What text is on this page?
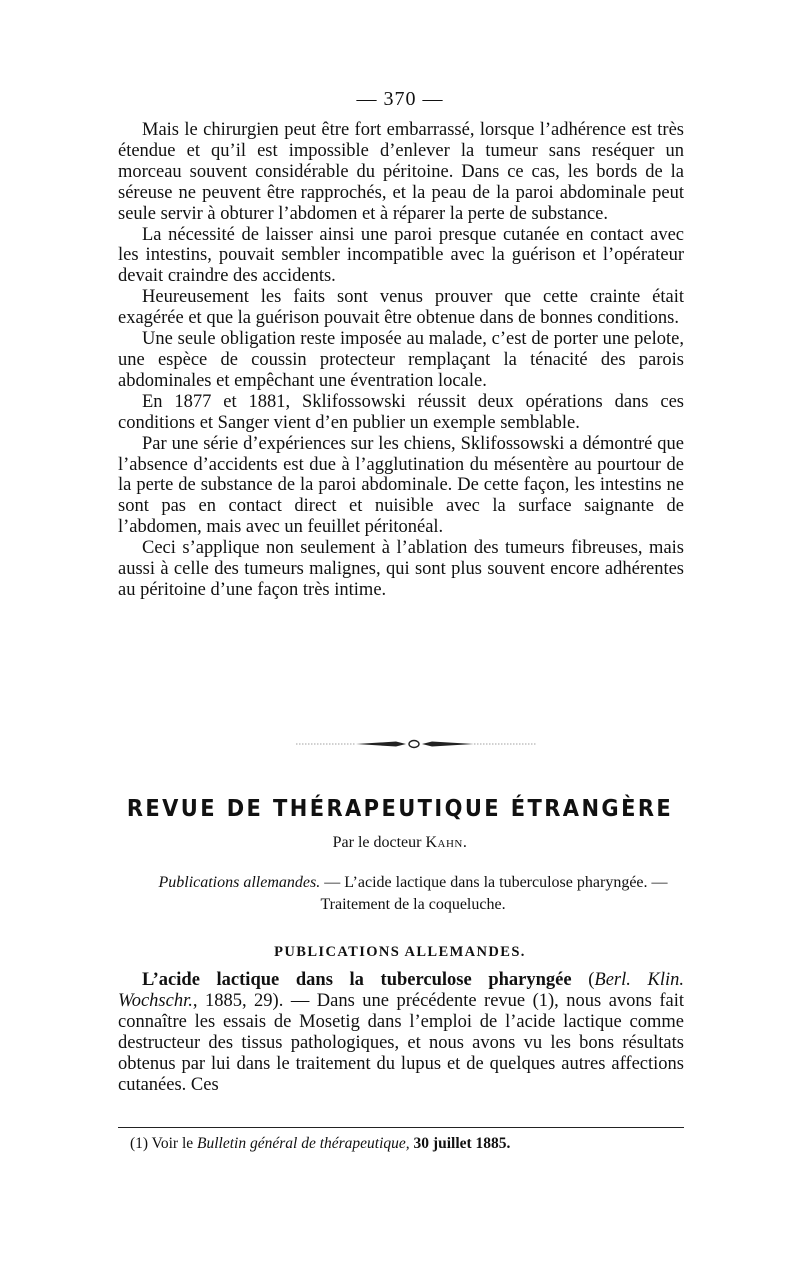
— 370 —

Mais le chirurgien peut être fort embarrassé, lorsque l’adhérence est très étendue et qu’il est impossible d’enlever la tumeur sans reséquer un morceau souvent considérable du péritoine. Dans ce cas, les bords de la séreuse ne peuvent être rapprochés, et la peau de la paroi abdominale peut seule servir à obturer l’abdomen et à réparer la perte de substance.

La nécessité de laisser ainsi une paroi presque cutanée en contact avec les intestins, pouvait sembler incompatible avec la guérison et l’opérateur devait craindre des accidents.

Heureusement les faits sont venus prouver que cette crainte était exagérée et que la guérison pouvait être obtenue dans de bonnes conditions.

Une seule obligation reste imposée au malade, c’est de porter une pelote, une espèce de coussin protecteur remplaçant la ténacité des parois abdominales et empêchant une éventration locale.

En 1877 et 1881, Sklifossowski réussit deux opérations dans ces conditions et Sanger vient d’en publier un exemple semblable.

Par une série d’expériences sur les chiens, Sklifossowski a démontré que l’absence d’accidents est due à l’agglutination du mésentère au pourtour de la perte de substance de la paroi abdominale. De cette façon, les intestins ne sont pas en contact direct et nuisible avec la surface saignante de l’abdomen, mais avec un feuillet péritonéal.

Ceci s’applique non seulement à l’ablation des tumeurs fibreuses, mais aussi à celle des tumeurs malignes, qui sont plus souvent encore adhérentes au péritoine d’une façon très intime.

REVUE DE THÉRAPEUTIQUE ÉTRANGÈRE
Par le docteur Kahn.
Publications allemandes. — L’acide lactique dans la tuberculose pharyngée. — Traitement de la coqueluche.
PUBLICATIONS ALLEMANDES.

L’acide lactique dans la tuberculose pharyngée (Berl. Klin. Wochschr., 1885, 29). — Dans une précédente revue (1), nous avons fait connaître les essais de Mosetig dans l’emploi de l’acide lactique comme destructeur des tissus pathologiques, et nous avons vu les bons résultats obtenus par lui dans le traitement du lupus et de quelques autres affections cutanées. Ces

(1) Voir le Bulletin général de thérapeutique, 30 juillet 1885.
